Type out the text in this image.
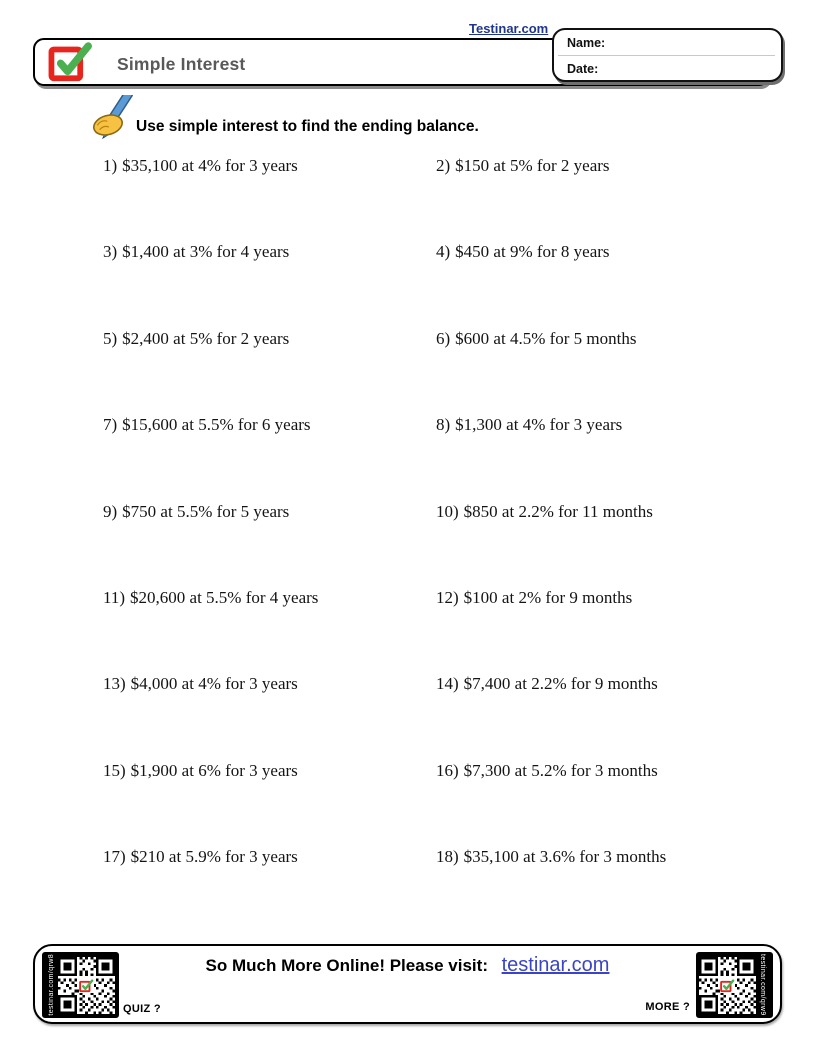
Testinar.com
Simple Interest
Name:
Date:
Use simple interest to find the ending balance.
1) $35,100 at 4% for 3 years	2) $150 at 5% for 2 years
3) $1,400 at 3% for 4 years	4) $450 at 9% for 8 years
5) $2,400 at 5% for 2 years	6) $600 at 4.5% for 5 months
7) $15,600 at 5.5% for 6 years	8) $1,300 at 4% for 3 years
9) $750 at 5.5% for 5 years	10) $850 at 2.2% for 11 months
11) $20,600 at 5.5% for 4 years	12) $100 at 2% for 9 months
13) $4,000 at 4% for 3 years	14) $7,400 at 2.2% for 9 months
15) $1,900 at 6% for 3 years	16) $7,300 at 5.2% for 3 months
17) $210 at 5.9% for 3 years	18) $35,100 at 3.6% for 3 months
testinar.com/qrw8	QUIZ ?
So Much More Online! Please visit: testinar.com
MORE ?	testinar.com/qrw9
